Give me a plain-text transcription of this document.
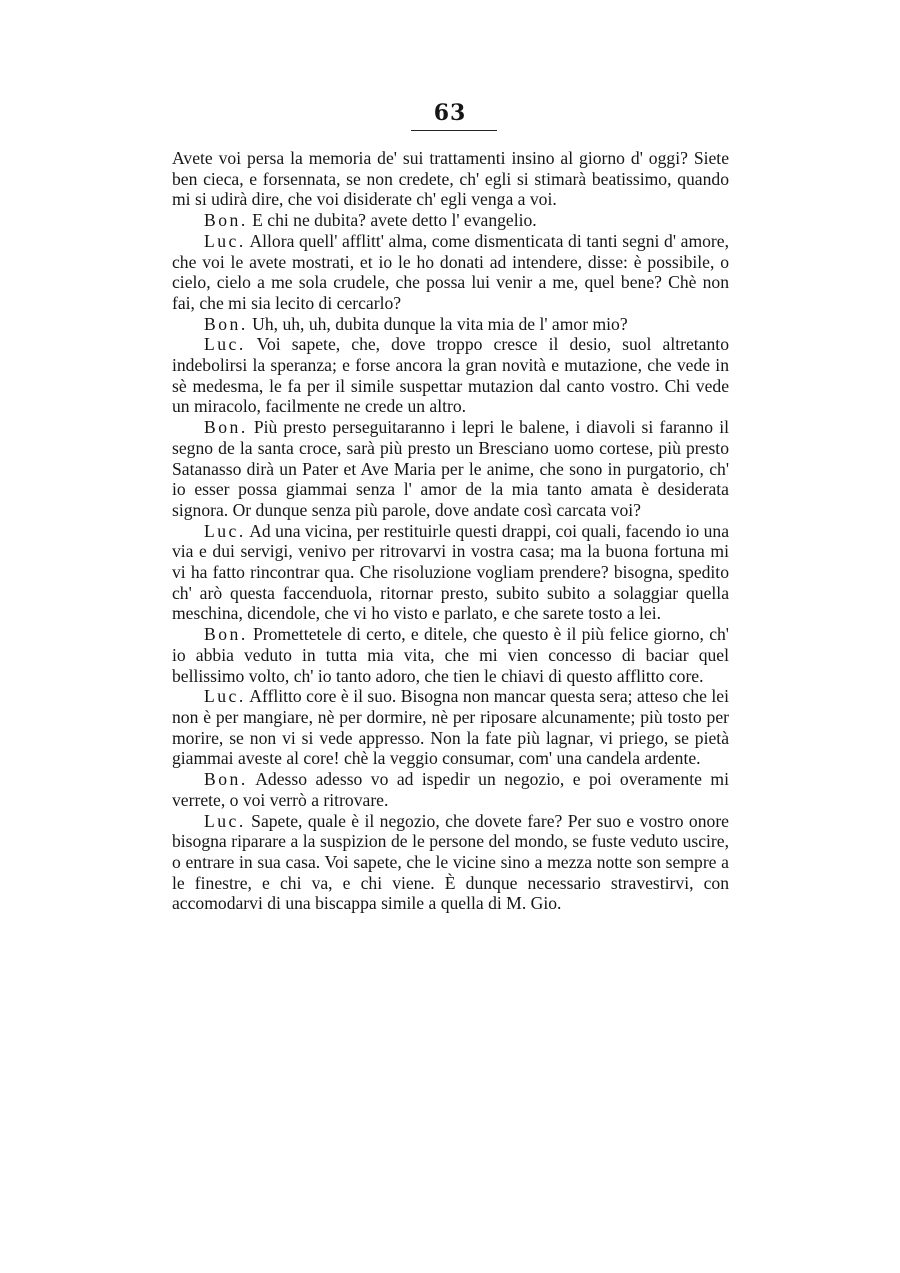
63

Avete voi persa la memoria de' sui trattamenti insino al giorno d' oggi? Siete ben cieca, e forsennata, se non credete, ch' egli si stimarà beatissimo, quando mi si udirà dire, che voi disiderate ch' egli venga a voi.

Bon. E chi ne dubita? avete detto l' evangelio.

Luc. Allora quell' afflitt' alma, come dismenticata di tanti segni d' amore, che voi le avete mostrati, et io le ho donati ad intendere, disse: è possibile, o cielo, cielo a me sola crudele, che possa lui venir a me, quel bene? Chè non fai, che mi sia lecito di cercarlo?

Bon. Uh, uh, uh, dubita dunque la vita mia de l' amor mio?

Luc. Voi sapete, che, dove troppo cresce il desio, suol altretanto indebolirsi la speranza; e forse ancora la gran novità e mutazione, che vede in sè medesma, le fa per il simile suspettar mutazion dal canto vostro. Chi vede un miracolo, facilmente ne crede un altro.

Bon. Più presto perseguitaranno i lepri le balene, i diavoli si faranno il segno de la santa croce, sarà più presto un Bresciano uomo cortese, più presto Satanasso dirà un Pater et Ave Maria per le anime, che sono in purgatorio, ch' io esser possa giammai senza l' amor de la mia tanto amata è desiderata signora. Or dunque senza più parole, dove andate così carcata voi?

Luc. Ad una vicina, per restituirle questi drappi, coi quali, facendo io una via e dui servigi, venivo per ritrovarvi in vostra casa; ma la buona fortuna mi vi ha fatto rincontrar qua. Che risoluzione vogliam prendere? bisogna, spedito ch' arò questa faccenduola, ritornar presto, subito subito a solaggiar quella meschina, dicendole, che vi ho visto e parlato, e che sarete tosto a lei.

Bon. Promettetele di certo, e ditele, che questo è il più felice giorno, ch' io abbia veduto in tutta mia vita, che mi vien concesso di baciar quel bellissimo volto, ch' io tanto adoro, che tien le chiavi di questo afflitto core.

Luc. Afflitto core è il suo. Bisogna non mancar questa sera; atteso che lei non è per mangiare, nè per dormire, nè per riposare alcunamente; più tosto per morire, se non vi si vede appresso. Non la fate più lagnar, vi priego, se pietà giammai aveste al core! chè la veggio consumar, com' una candela ardente.

Bon. Adesso adesso vo ad ispedir un negozio, e poi overamente mi verrete, o voi verrò a ritrovare.

Luc. Sapete, quale è il negozio, che dovete fare? Per suo e vostro onore bisogna riparare a la suspizion de le persone del mondo, se fuste veduto uscire, o entrare in sua casa. Voi sapete, che le vicine sino a mezza notte son sempre a le finestre, e chi va, e chi viene. È dunque necessario stravestirvi, con accomodarvi di una biscappa simile a quella di M. Gio.
